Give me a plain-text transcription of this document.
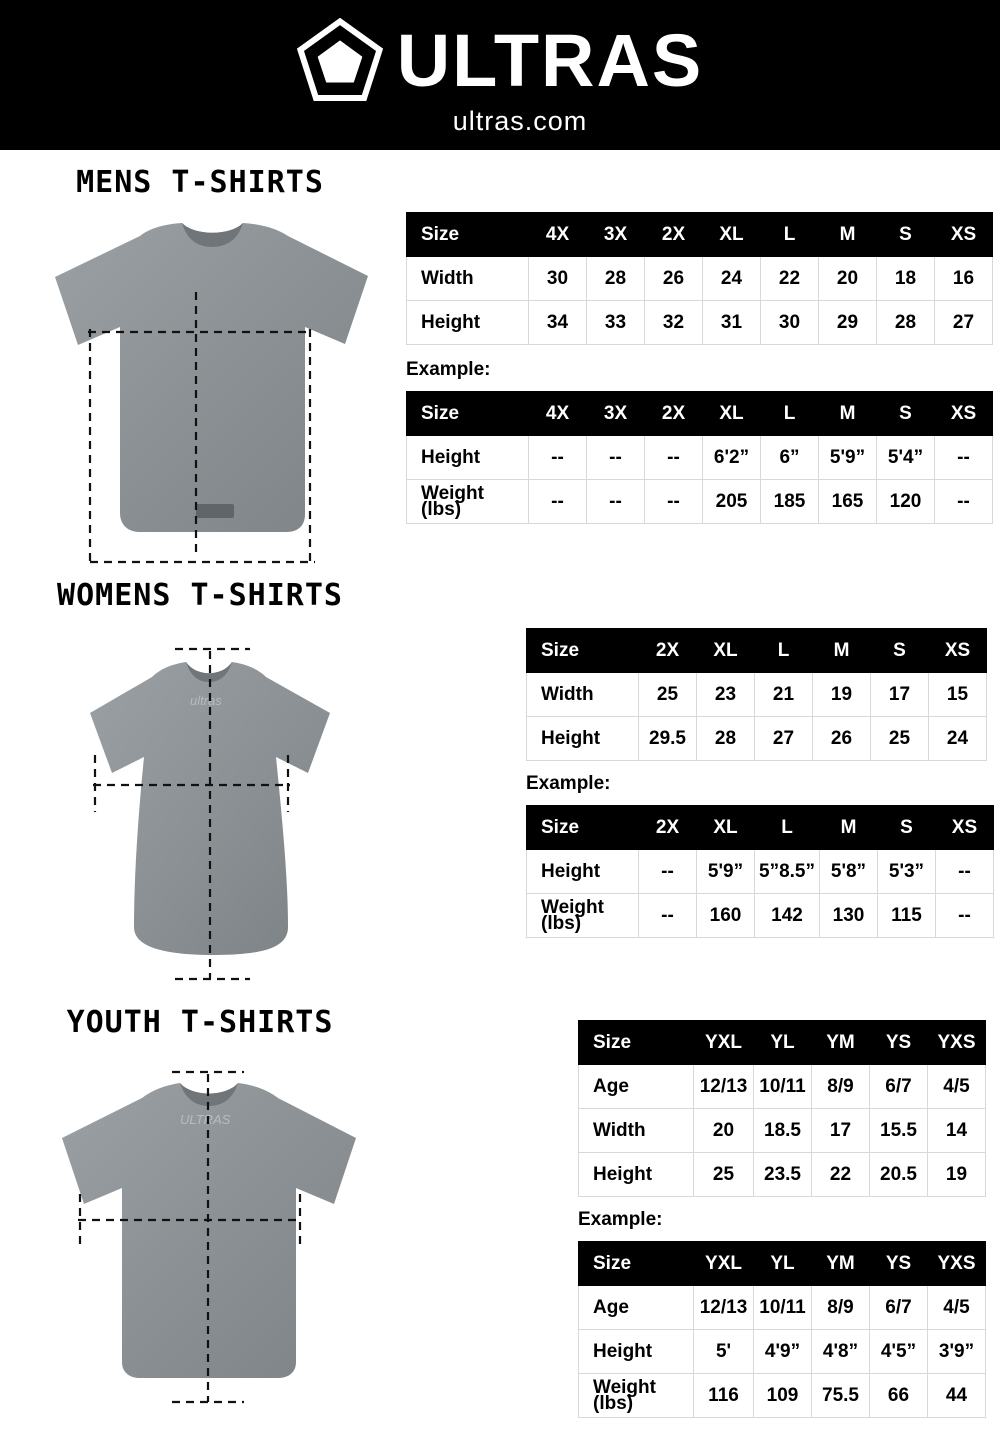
ULTRAS
ultras.com
MENS T-SHIRTS
Size	4X	3X	2X	XL	L	M	S	XS
Width	30	28	26	24	22	20	18	16
Height	34	33	32	31	30	29	28	27
Example:
Size	4X	3X	2X	XL	L	M	S	XS
Height	--	--	--	6'2”	6”	5'9”	5'4”	--
Weight (lbs)	--	--	--	205	185	165	120	--
WOMENS T-SHIRTS
ultras
Size	2X	XL	L	M	S	XS
Width	25	23	21	19	17	15
Height	29.5	28	27	26	25	24
Example:
Size	2X	XL	L	M	S	XS
Height	--	5'9”	5”8.5”	5'8”	5'3”	--
Weight (lbs)	--	160	142	130	115	--
YOUTH T-SHIRTS
ULTRAS
Size	YXL	YL	YM	YS	YXS
Age	12/13	10/11	8/9	6/7	4/5
Width	20	18.5	17	15.5	14
Height	25	23.5	22	20.5	19
Example:
Size	YXL	YL	YM	YS	YXS
Age	12/13	10/11	8/9	6/7	4/5
Height	5'	4'9”	4'8”	4'5”	3'9”
Weight (lbs)	116	109	75.5	66	44
